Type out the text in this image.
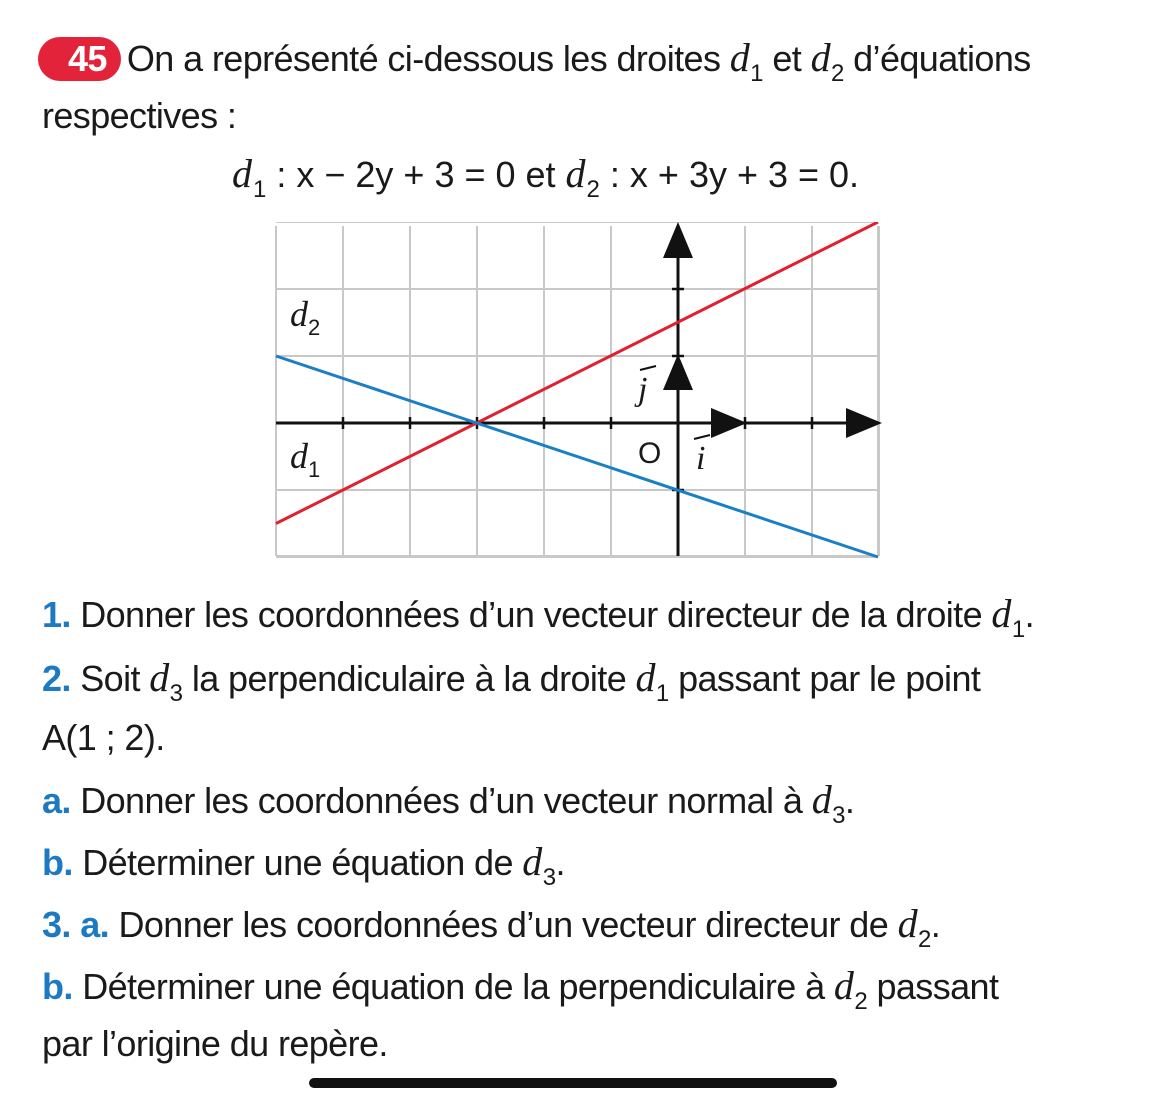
45 On a représenté ci-dessous les droites $d_1$ et $d_2$ d’équations
respectives :
$d_1$ : x − 2y + 3 = 0 et $d_2$ : x + 3y + 3 = 0.
$d_2$
$d_1$	O i
j
1. Donner les coordonnées d’un vecteur directeur de la droite $d_1$.
2. Soit $d_3$ la perpendiculaire à la droite $d_1$ passant par le point
A(1 ; 2).
a. Donner les coordonnées d’un vecteur normal à $d_3$.
b. Déterminer une équation de $d_3$.
3. a. Donner les coordonnées d’un vecteur directeur de $d_2$.
b. Déterminer une équation de la perpendiculaire à $d_2$ passant
par l’origine du repère.
